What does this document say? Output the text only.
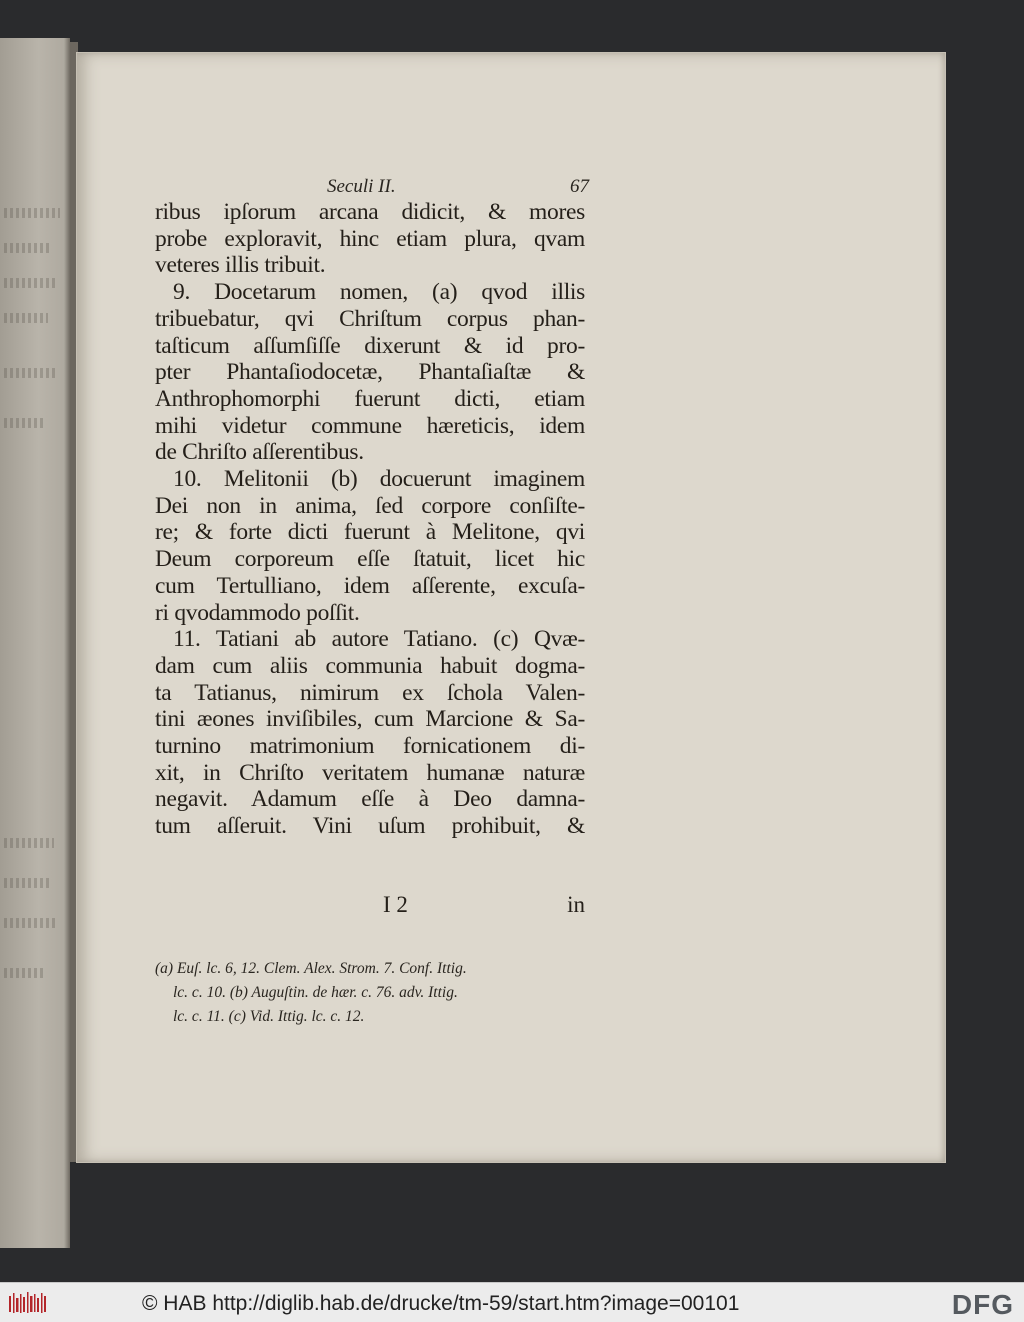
Seculi II.	67
ribus ipſorum arcana didicit, & mores
probe exploravit, hinc etiam plura, qvam
veteres illis tribuit.
9. Docetarum nomen, (a) qvod illis
tribuebatur, qvi Chriſtum corpus phan-
taſticum aſſumſiſſe dixerunt & id pro-
pter Phantaſiodocetæ, Phantaſiaſtæ &
Anthrophomorphi fuerunt dicti, etiam
mihi videtur commune hæreticis, idem
de Chriſto aſſerentibus.
10. Melitonii (b) docuerunt imaginem
Dei non in anima, ſed corpore conſiſte-
re; & forte dicti fuerunt à Melitone, qvi
Deum corporeum eſſe ſtatuit, licet hic
cum Tertulliano, idem aſſerente, excuſa-
ri qvodammodo poſſit.
11. Tatiani ab autore Tatiano. (c) Qvæ-
dam cum aliis communia habuit dogma-
ta Tatianus, nimirum ex ſchola Valen-
tini æones inviſibiles, cum Marcione & Sa-
turnino matrimonium fornicationem di-
xit, in Chriſto veritatem humanæ naturæ
negavit. Adamum eſſe à Deo damna-
tum aſſeruit. Vini uſum prohibuit, &
I 2	in
(a) Euſ. lc. 6, 12. Clem. Alex. Strom. 7. Conf. Ittig.
lc. c. 10. (b) Auguſtin. de hær. c. 76. adv. Ittig.
lc. c. 11. (c) Vid. Ittig. lc. c. 12.
© HAB http://diglib.hab.de/drucke/tm-59/start.htm?image=00101	DFG
